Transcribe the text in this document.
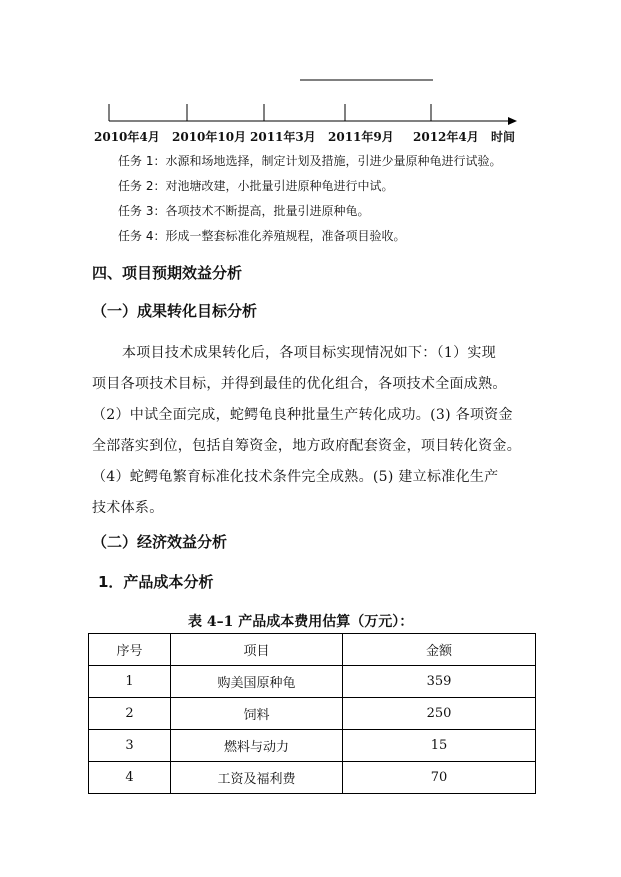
2010年4月 2010年10月 2011年3月 2011年9月 2012年4月 时间
任务 1：水源和场地选择，制定计划及措施，引进少量原种龟进行试验。
任务 2：对池塘改建，小批量引进原种龟进行中试。
任务 3：各项技术不断提高，批量引进原种龟。
任务 4：形成一整套标准化养殖规程，准备项目验收。
四、项目预期效益分析
（一）成果转化目标分析
本项目技术成果转化后，各项目标实现情况如下：（1）实现
项目各项技术目标，并得到最佳的优化组合，各项技术全面成熟。
（2）中试全面完成，蛇鳄龟良种批量生产转化成功。(3) 各项资金
全部落实到位，包括自筹资金，地方政府配套资金，项目转化资金。
（4）蛇鳄龟繁育标准化技术条件完全成熟。(5) 建立标准化生产
技术体系。
（二）经济效益分析
1．产品成本分析
表 4–1 产品成本费用估算（万元）：
序号	项目	金额
1	购美国原种龟	359
2	饲料	250
3	燃料与动力	15
4	工资及福利费	70
